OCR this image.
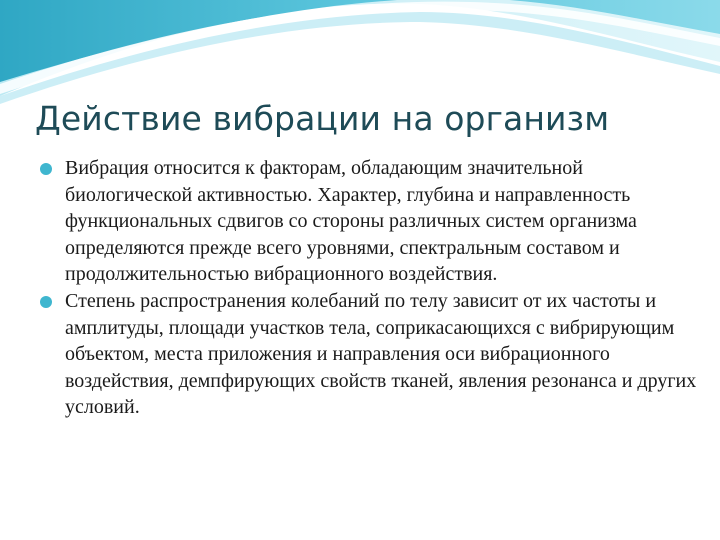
Действие вибрации на организм
Вибрация относится к факторам, обладающим значительной биологической активностью. Характер, глубина и направленность функциональных сдвигов со стороны различных систем организма определяются прежде всего уровнями, спектральным составом и продолжительностью вибрационного воздействия.
Степень распространения колебаний по телу зависит от их частоты и амплитуды, площади участков тела, соприкасающихся с вибрирующим объектом, места приложения и направления оси вибрационного воздействия, демпфирующих свойств тканей, явления резонанса и других условий.
